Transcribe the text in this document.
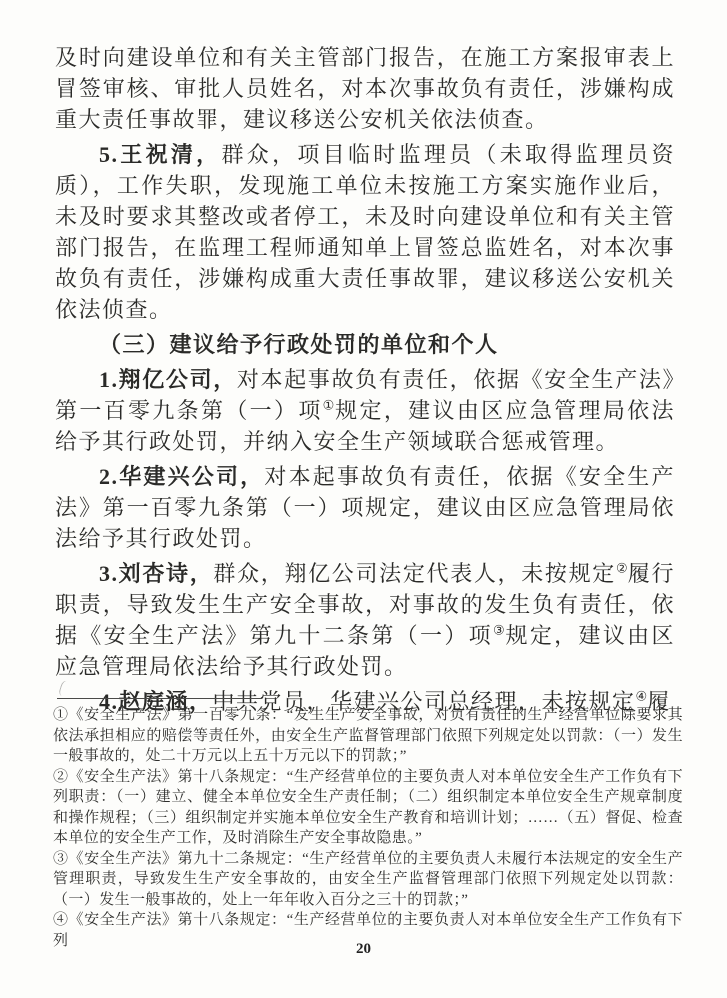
及时向建设单位和有关主管部门报告，在施工方案报审表上冒签审核、审批人员姓名，对本次事故负有责任，涉嫌构成重大责任事故罪，建议移送公安机关依法侦查。

5.王祝清，群众，项目临时监理员（未取得监理员资质），工作失职，发现施工单位未按施工方案实施作业后，未及时要求其整改或者停工，未及时向建设单位和有关主管部门报告，在监理工程师通知单上冒签总监姓名，对本次事故负有责任，涉嫌构成重大责任事故罪，建议移送公安机关依法侦查。

（三）建议给予行政处罚的单位和个人

1.翔亿公司，对本起事故负有责任，依据《安全生产法》第一百零九条第（一）项①规定，建议由区应急管理局依法给予其行政处罚，并纳入安全生产领域联合惩戒管理。

2.华建兴公司，对本起事故负有责任，依据《安全生产法》第一百零九条第（一）项规定，建议由区应急管理局依法给予其行政处罚。

3.刘杏诗，群众，翔亿公司法定代表人，未按规定②履行职责，导致发生生产安全事故，对事故的发生负有责任，依据《安全生产法》第九十二条第（一）项③规定，建议由区应急管理局依法给予其行政处罚。

4.赵庭涵，中共党员，华建兴公司总经理，未按规定④履

①《安全生产法》第一百零九条：“发生生产安全事故，对负有责任的生产经营单位除要求其依法承担相应的赔偿等责任外，由安全生产监督管理部门依照下列规定处以罚款：（一）发生一般事故的，处二十万元以上五十万元以下的罚款；”

②《安全生产法》第十八条规定：“生产经营单位的主要负责人对本单位安全生产工作负有下列职责：（一）建立、健全本单位安全生产责任制；（二）组织制定本单位安全生产规章制度和操作规程；（三）组织制定并实施本单位安全生产教育和培训计划；……（五）督促、检查本单位的安全生产工作，及时消除生产安全事故隐患。”

③《安全生产法》第九十二条规定：“生产经营单位的主要负责人未履行本法规定的安全生产管理职责，导致发生生产安全事故的，由安全生产监督管理部门依照下列规定处以罚款：（一）发生一般事故的，处上一年年收入百分之三十的罚款；”

④《安全生产法》第十八条规定：“生产经营单位的主要负责人对本单位安全生产工作负有下列

20
